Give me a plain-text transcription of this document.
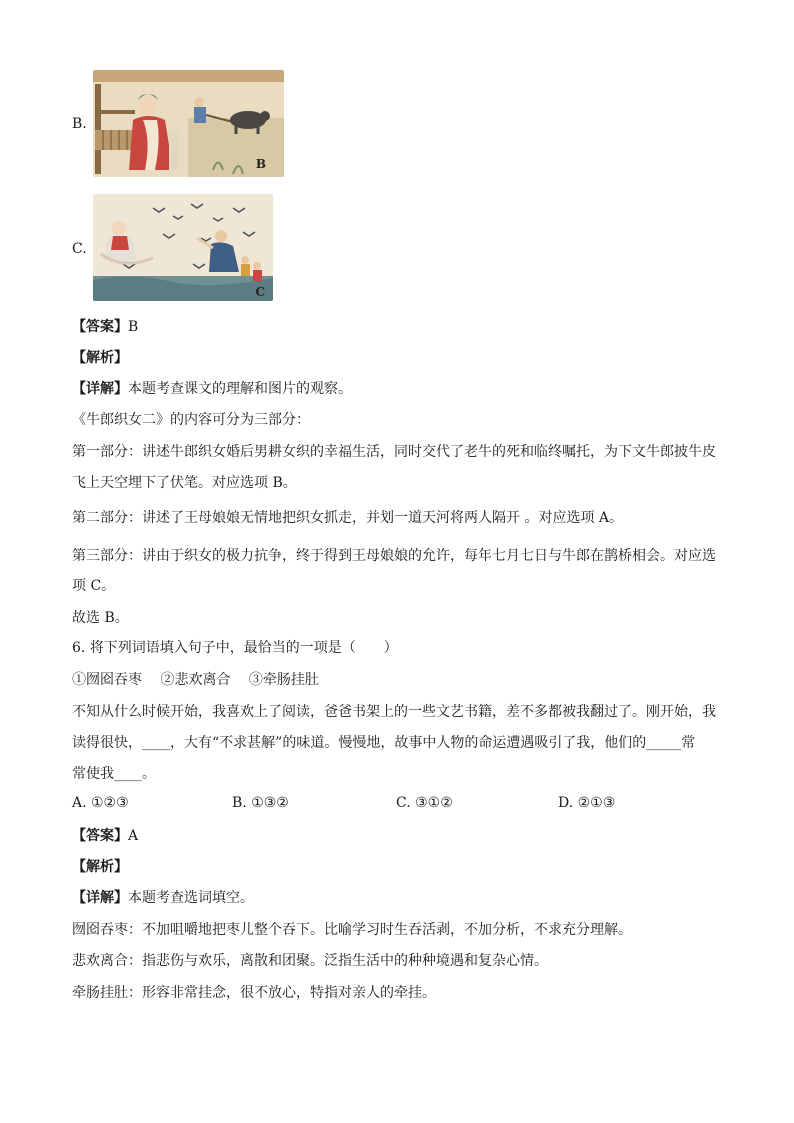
B.
B
C.
C
【答案】B
【解析】
【详解】本题考查课文的理解和图片的观察。
《牛郎织女二》的内容可分为三部分：
第一部分：讲述牛郎织女婚后男耕女织的幸福生活，同时交代了老牛的死和临终嘱托，为下文牛郎披牛皮
飞上天空埋下了伏笔。对应选项 B。
第二部分：讲述了王母娘娘无情地把织女抓走，并划一道天河将两人隔开 。对应选项 A。
第三部分：讲由于织女的极力抗争，终于得到王母娘娘的允许，每年七月七日与牛郎在鹊桥相会。对应选
项 C。
故选 B。
6. 将下列词语填入句子中，最恰当的一项是（　　）
①囫囵吞枣　 ②悲欢离合　 ③牵肠挂肚
不知从什么时候开始，我喜欢上了阅读，爸爸书架上的一些文艺书籍，差不多都被我翻过了。刚开始，我
读得很快，____，大有“不求甚解”的味道。慢慢地，故事中人物的命运遭遇吸引了我，他们的_____常
常使我____。
A. ①②③	B. ①③②	C. ③①②	D. ②①③
【答案】A
【解析】
【详解】本题考查选词填空。
囫囵吞枣：不加咀嚼地把枣儿整个吞下。比喻学习时生吞活剥，不加分析，不求充分理解。
悲欢离合：指悲伤与欢乐，离散和团聚。泛指生活中的种种境遇和复杂心情。
牵肠挂肚：形容非常挂念，很不放心，特指对亲人的牵挂。
